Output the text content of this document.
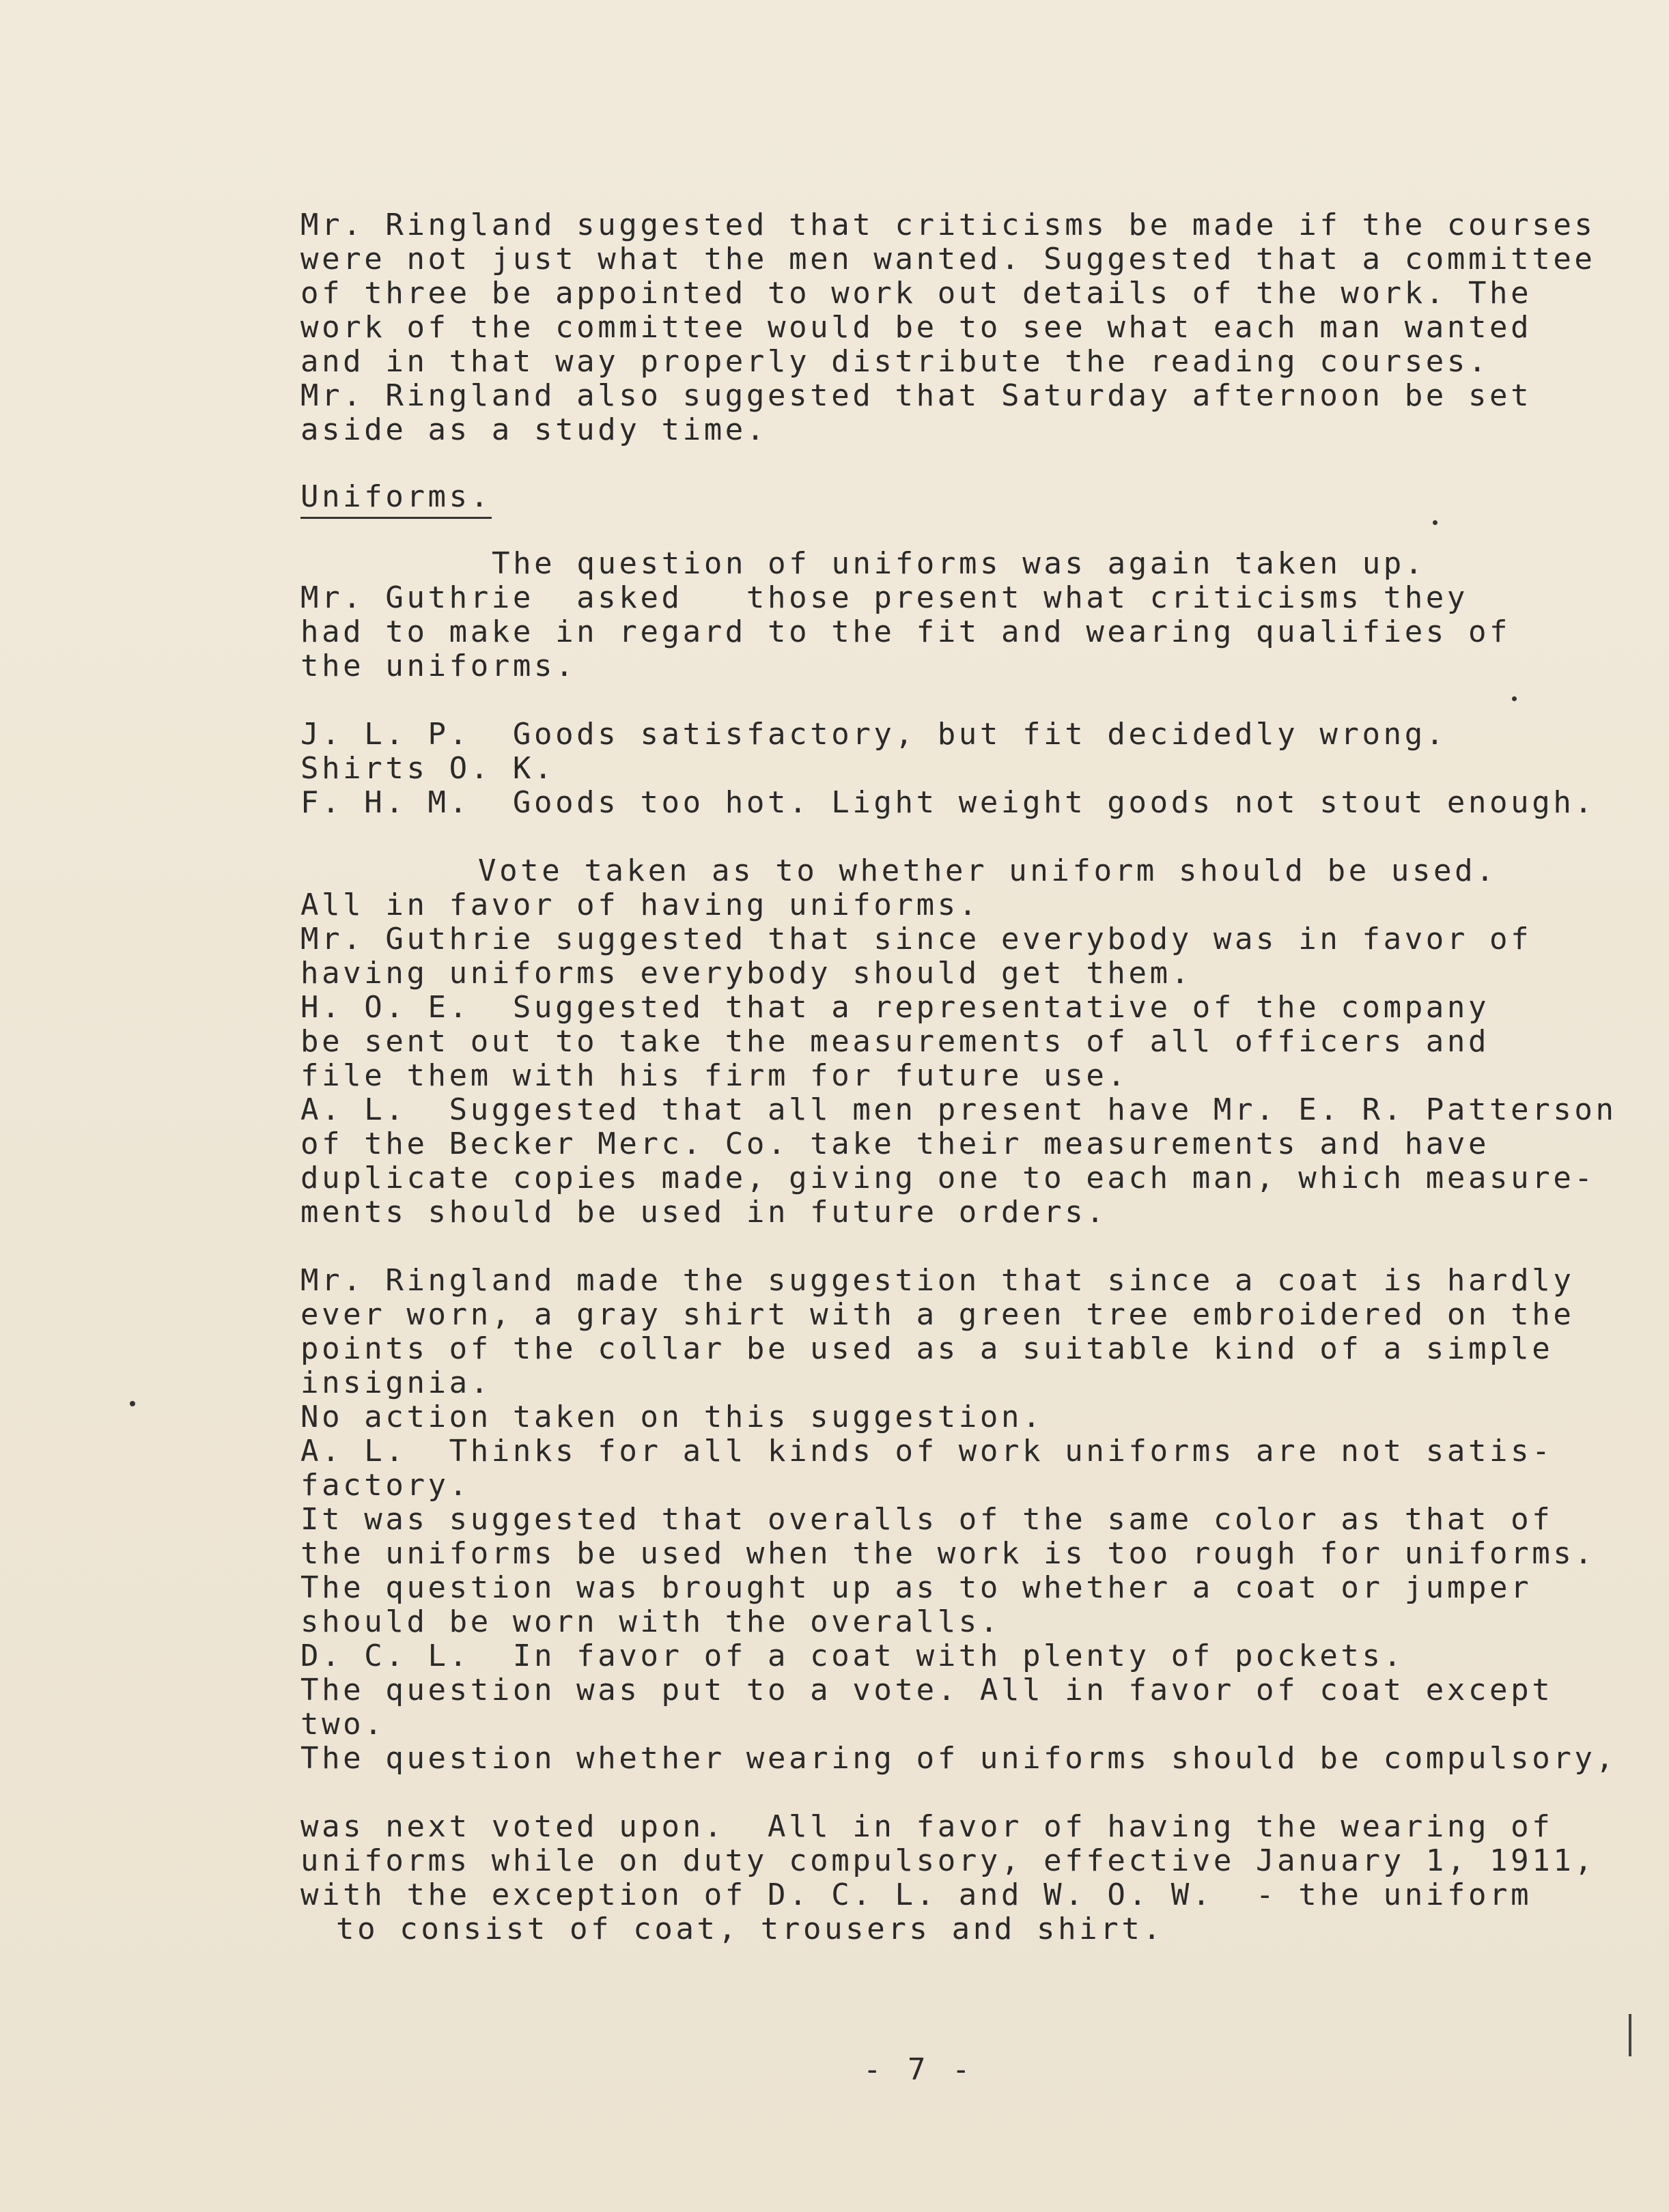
Mr. Ringland suggested that criticisms be made if the courses
were not just what the men wanted. Suggested that a committee
of three be appointed to work out details of the work. The
work of the committee would be to see what each man wanted
and in that way properly distribute the reading courses.
Mr. Ringland also suggested that Saturday afternoon be set
aside as a study time.
Uniforms.
The question of uniforms was again taken up.
Mr. Guthrie  asked   those present what criticisms they
had to make in regard to the fit and wearing qualifies of
the uniforms.
J. L. P.  Goods satisfactory, but fit decidedly wrong.
Shirts O. K.
F. H. M.  Goods too hot. Light weight goods not stout enough.
Vote taken as to whether uniform should be used.
All in favor of having uniforms.
Mr. Guthrie suggested that since everybody was in favor of
having uniforms everybody should get them.
H. O. E.  Suggested that a representative of the company
be sent out to take the measurements of all officers and
file them with his firm for future use.
A. L.  Suggested that all men present have Mr. E. R. Patterson
of the Becker Merc. Co. take their measurements and have
duplicate copies made, giving one to each man, which measure-
ments should be used in future orders.
Mr. Ringland made the suggestion that since a coat is hardly
ever worn, a gray shirt with a green tree embroidered on the
points of the collar be used as a suitable kind of a simple
insignia.
No action taken on this suggestion.
A. L.  Thinks for all kinds of work uniforms are not satis-
factory.
It was suggested that overalls of the same color as that of
the uniforms be used when the work is too rough for uniforms.
The question was brought up as to whether a coat or jumper
should be worn with the overalls.
D. C. L.  In favor of a coat with plenty of pockets.
The question was put to a vote. All in favor of coat except
two.
The question whether wearing of uniforms should be compulsory,
was next voted upon.  All in favor of having the wearing of
uniforms while on duty compulsory, effective January 1, 1911,
with the exception of D. C. L. and W. O. W.  - the uniform
to consist of coat, trousers and shirt.
- 7 -
